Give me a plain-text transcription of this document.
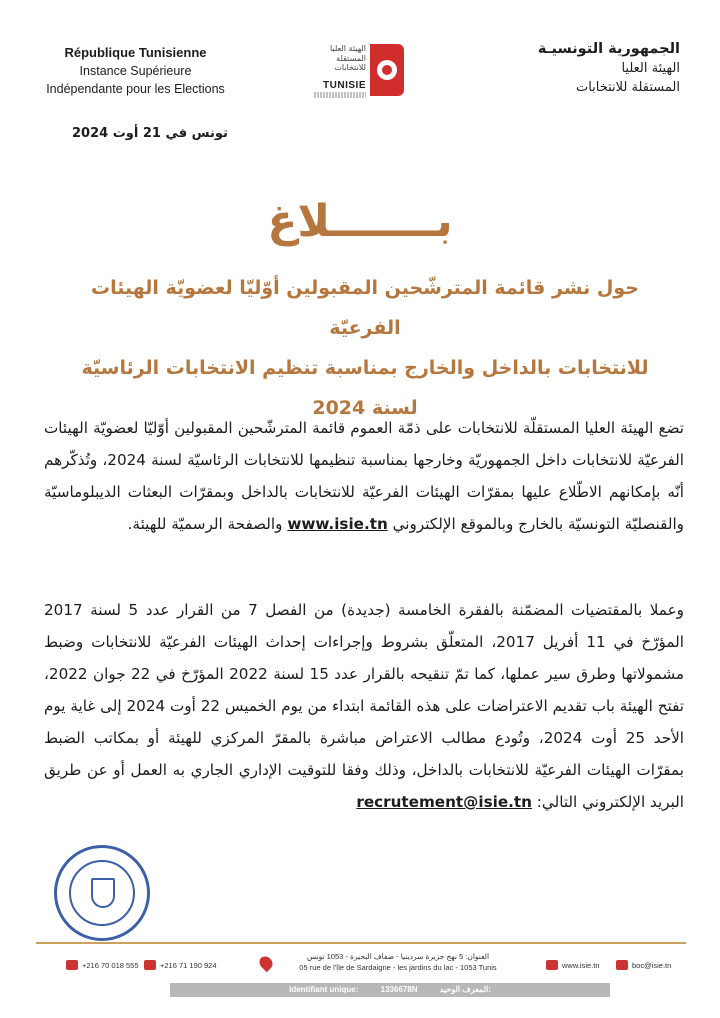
République Tunisienne
Instance Supérieure
Indépendante pour les Elections
الهيئة العليا المستقلة للانتخابات
TUNISIE
الجمهورية التونسيـة
الهيئة العليا
المستقلة للانتخابات
تونس في 21 أوت 2024
بـــــــلاغ
حول نشر قائمة المترشّحين المقبولين أوّليّا لعضويّة الهيئات الفرعيّة
للانتخابات بالداخل والخارج بمناسبة تنظيم الانتخابات الرئاسيّة لسنة 2024
تضع الهيئة العليا المستقلّة للانتخابات على ذمّة العموم قائمة المترشّحين المقبولين أوّليّا لعضويّة الهيئات الفرعيّة للانتخابات داخل الجمهوريّة وخارجها بمناسبة تنظيمها للانتخابات الرئاسيّة لسنة 2024، وتُذكّرهم أنّه بإمكانهم الاطّلاع عليها بمقرّات الهيئات الفرعيّة للانتخابات بالداخل وبمقرّات البعثات الديبلوماسيّة والقنصليّة التونسيّة بالخارج وبالموقع الإلكتروني www.isie.tn والصفحة الرسميّة للهيئة.
وعملا بالمقتضيات المضمّنة بالفقرة الخامسة (جديدة) من الفصل 7 من القرار عدد 5 لسنة 2017 المؤرّخ في 11 أفريل 2017، المتعلّق بشروط وإجراءات إحداث الهيئات الفرعيّة للانتخابات وضبط مشمولاتها وطرق سير عملها، كما تمّ تنقيحه بالقرار عدد 15 لسنة 2022 المؤرّخ في 22 جوان 2022، تفتح الهيئة باب تقديم الاعتراضات على هذه القائمة ابتداء من يوم الخميس 22 أوت 2024 إلى غاية يوم الأحد 25 أوت 2024، وتُودع مطالب الاعتراض مباشرة بالمقرّ المركزي للهيئة أو بمكاتب الضبط بمقرّات الهيئات الفرعيّة للانتخابات بالداخل، وذلك وفقا للتوقيت الإداري الجاري به العمل أو عن طريق البريد الإلكتروني التالي: recrutement@isie.tn
+216 70 018 555	+216 71 190 924
العنوان: 5 نهج جزيرة سردينيا - ضفاف البحيرة - 1053 تونس
05 rue de l'île de Sardaigne - les jardins du lac - 1053 Tunis	www.isie.tn	boc@isie.tn
Identifiant unique:	1336678N	المعرف الوحيد:
